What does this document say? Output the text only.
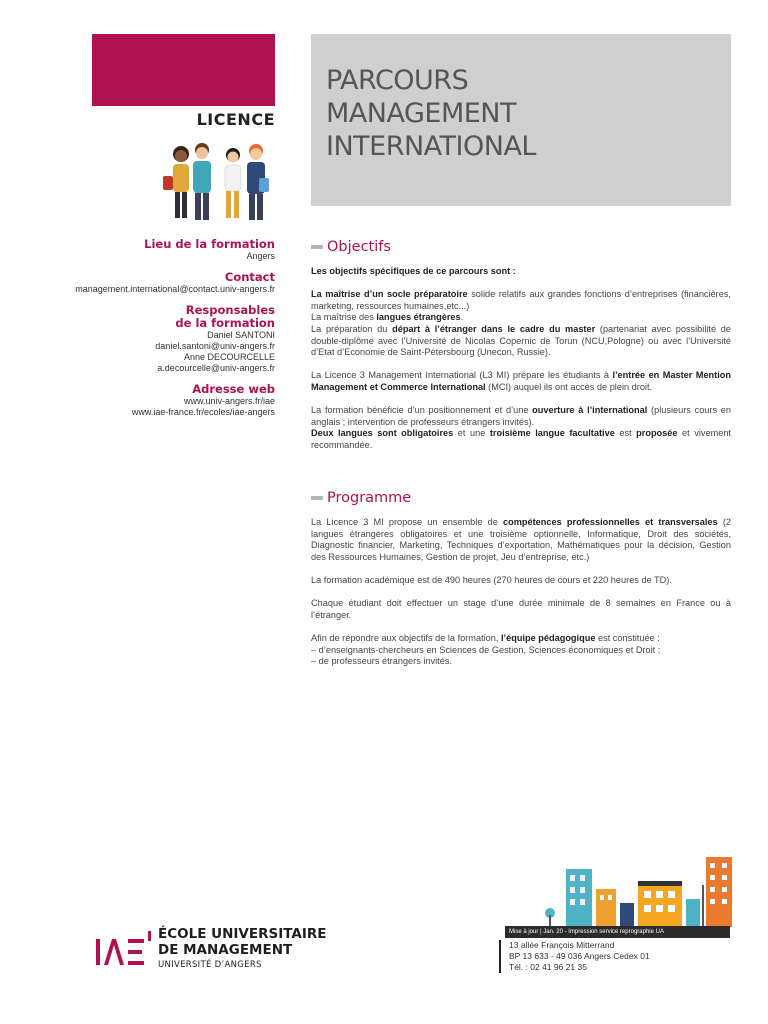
LICENCE
PARCOURS
MANAGEMENT
INTERNATIONAL
Lieu de la formation
Angers
Contact
management.international@contact.univ-angers.fr
Responsables
de la formation
Daniel SANTONI
daniel.santoni@univ-angers.fr
Anne DECOURCELLE
a.decourcelle@univ-angers.fr
Adresse web
www.univ-angers.fr/iae
www.iae-france.fr/ecoles/iae-angers
Objectifs

Les objectifs spécifiques de ce parcours sont :

La maîtrise d’un socle préparatoire solide relatifs aux grandes fonctions d’entreprises (financières, marketing, ressources humaines,etc...)
La maîtrise des langues étrangères.
La préparation du départ à l’étranger dans le cadre du master (partenariat avec possibilité de double-diplôme avec l’Université de Nicolas Copernic de Torun (NCU,Pologne) ou avec l’Université d’Etat d’Economie de Saint-Pétersbourg (Unecon, Russie).

La Licence 3 Management International (L3 MI) prépare les étudiants à l’entrée en Master Mention Management et Commerce International (MCI) auquel ils ont accès de plein droit.

La formation bénéficie d’un positionnement et d’une ouverture à l’international (plusieurs cours en anglais ; intervention de professeurs étrangers invités).
Deux langues sont obligatoires et une troisième langue facultative est proposée et vivement recommandée.

Programme

La Licence 3 MI propose un ensemble de compétences professionnelles et transversales (2 langues étrangères obligatoires et une troisième optionnelle, Informatique, Droit des sociétés, Diagnostic financier, Marketing, Techniques d’exportation, Mathématiques pour la décision, Gestion des Ressources Humaines, Gestion de projet, Jeu d’entreprise, etc.)

La formation académique est de 490 heures (270 heures de cours et 220 heures de TD).

Chaque étudiant doit effectuer un stage d’une durée minimale de 8 semaines en France ou à l’étranger.

Afin de répondre aux objectifs de la formation, l’équipe pédagogique est constituée :
– d’enseignants-chercheurs en Sciences de Gestion, Sciences économiques et Droit ;
– de professeurs étrangers invités.

Mise à jour | Jan. 20 - Impression service reprographie UA
13 allée François Mitterrand
BP 13 633 - 49 036 Angers Cedex 01
Tél. : 02 41 96 21 35
ÉCOLE UNIVERSITAIRE
DE MANAGEMENT
UNIVERSITÉ D’ANGERS
